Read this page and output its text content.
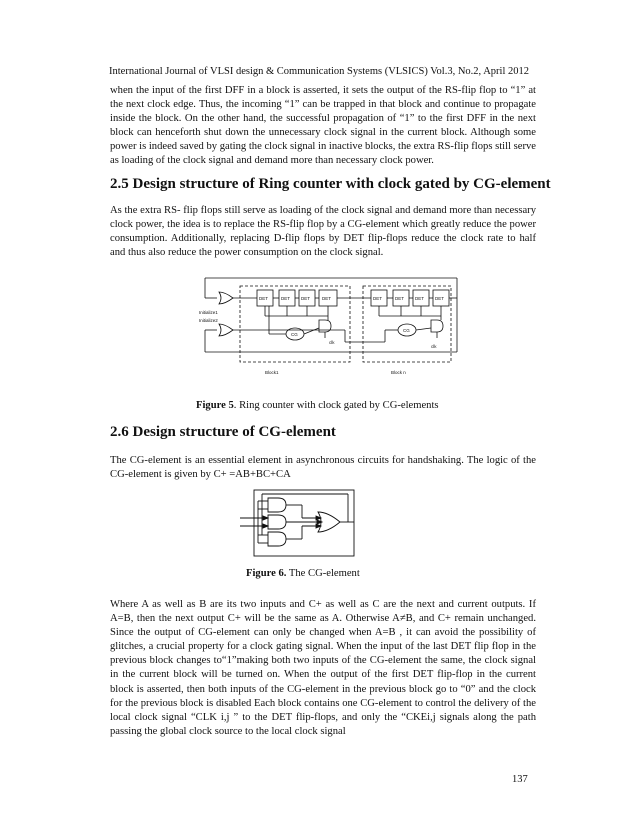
International Journal of VLSI design & Communication Systems (VLSICS) Vol.3, No.2, April 2012

when the input of the first DFF in a block is asserted, it sets the output of the RS-flip flop to “1” at the next clock edge. Thus, the incoming “1” can be trapped in that block and continue to propagate inside the block. On the other hand, the successful propagation of “1” to the first DFF in the next block can henceforth shut down the unnecessary clock signal in the current block. Although some power is indeed saved by gating the clock signal in inactive blocks, the extra RS-flip flops still serve as loading of the clock signal and demand more than necessary clock power.

2.5 Design structure of Ring counter with clock gated by CG-element

As the extra RS- flip flops still serve as loading of the clock signal and demand more than necessary clock power, the idea is to replace the RS-flip flop by a CG-element which greatly reduce the power consumption. Additionally, replacing D-flip flops by DET flip-flops reduce the clock rate to half and thus also reduce the power consumption on the clock signal.

DET	DET DET	DET	DET	DET DET DET
CG
CG
clk
clk
Initialize1
Initialize2
Block1	Block n
Figure 5. Ring counter with clock gated by CG-elements
2.6 Design structure of CG-element

The CG-element is an essential element in asynchronous circuits for handshaking. The logic of the CG-element is given by C+ =AB+BC+CA

Figure 6. The CG-element

Where A as well as B are its two inputs and C+ as well as C are the next and current outputs. If A=B, then the next output C+ will be the same as A. Otherwise A≠B, and C+ remain unchanged. Since the output of CG-element can only be changed when A=B , it can avoid the possibility of glitches, a crucial property for a clock gating signal. When the input of the last DET flip flop in the previous block changes to“1”making both two inputs of the CG-element the same, the clock signal in the current block will be turned on. When the output of the first DET flip-flop in the current block is asserted, then both inputs of the CG-element in the previous block go to “0” and the clock for the previous block is disabled Each block contains one CG-element to control the delivery of the local clock signal “CLK i,j ” to the DET flip-flops, and only the “CKEi,j signals along the path passing the global clock source to the local clock signal

137
